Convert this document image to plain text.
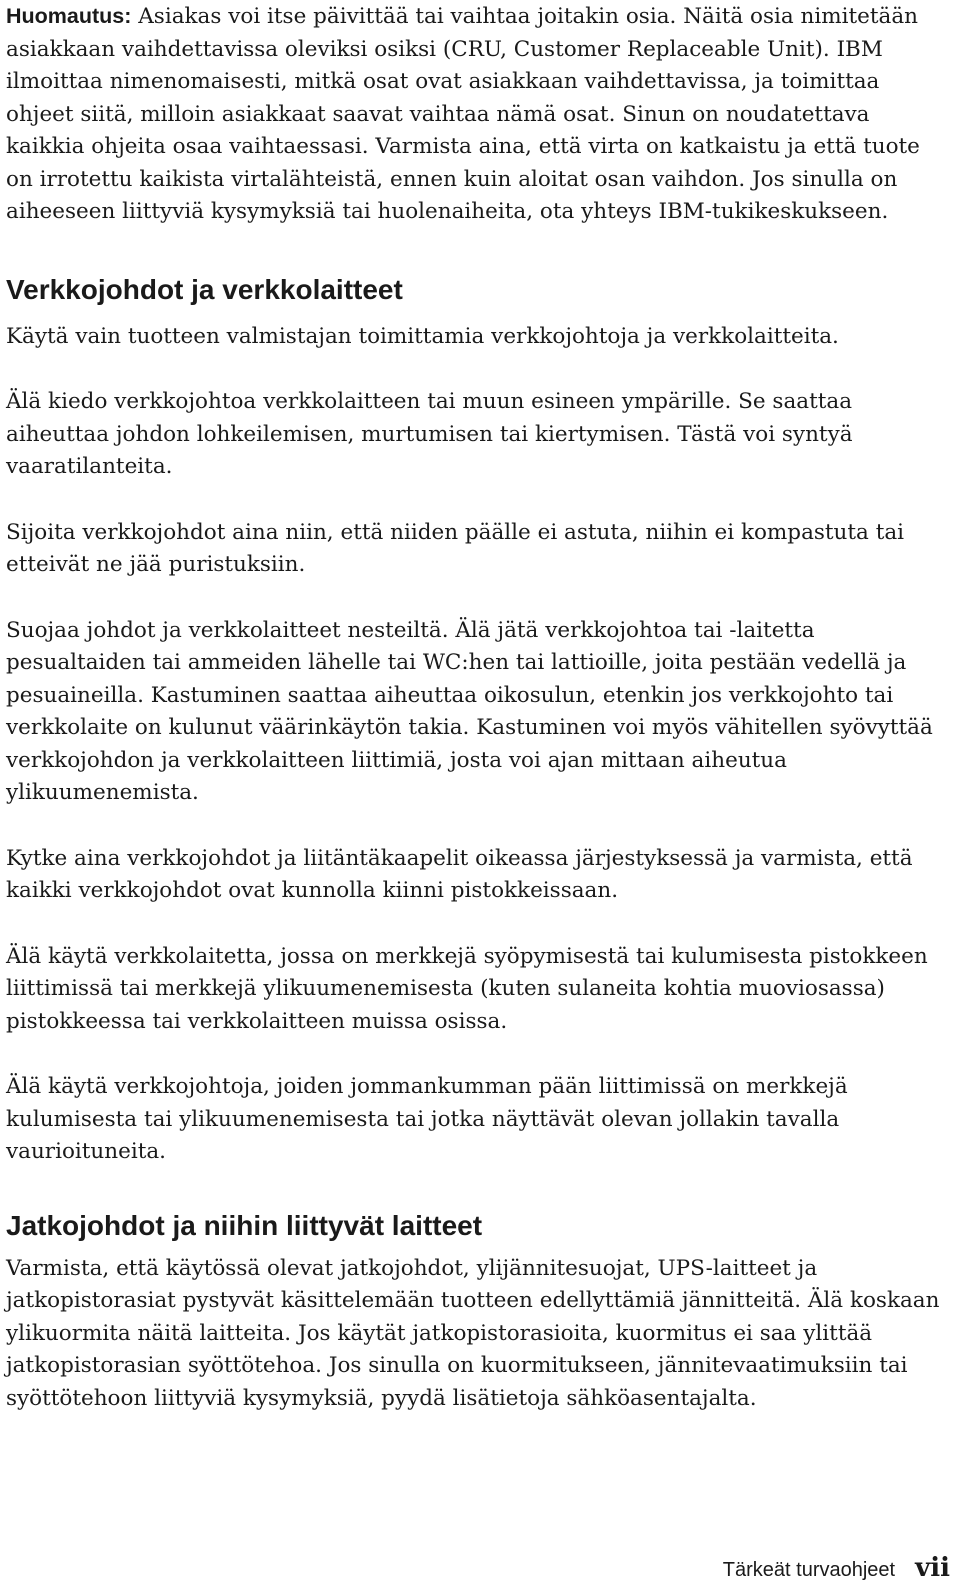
Huomautus: Asiakas voi itse päivittää tai vaihtaa joitakin osia. Näitä osia nimitetään asiakkaan vaihdettavissa oleviksi osiksi (CRU, Customer Replaceable Unit). IBM ilmoittaa nimenomaisesti, mitkä osat ovat asiakkaan vaihdettavissa, ja toimittaa ohjeet siitä, milloin asiakkaat saavat vaihtaa nämä osat. Sinun on noudatettava kaikkia ohjeita osaa vaihtaessasi. Varmista aina, että virta on katkaistu ja että tuote on irrotettu kaikista virtalähteistä, ennen kuin aloitat osan vaihdon. Jos sinulla on aiheeseen liittyviä kysymyksiä tai huolenaiheita, ota yhteys IBM-tukikeskukseen.

Verkkojohdot ja verkkolaitteet

Käytä vain tuotteen valmistajan toimittamia verkkojohtoja ja verkkolaitteita.

Älä kiedo verkkojohtoa verkkolaitteen tai muun esineen ympärille. Se saattaa aiheuttaa johdon lohkeilemisen, murtumisen tai kiertymisen. Tästä voi syntyä vaaratilanteita.

Sijoita verkkojohdot aina niin, että niiden päälle ei astuta, niihin ei kompastuta tai etteivät ne jää puristuksiin.

Suojaa johdot ja verkkolaitteet nesteiltä. Älä jätä verkkojohtoa tai -laitetta pesualtaiden tai ammeiden lähelle tai WC:hen tai lattioille, joita pestään vedellä ja pesuaineilla. Kastuminen saattaa aiheuttaa oikosulun, etenkin jos verkkojohto tai verkkolaite on kulunut väärinkäytön takia. Kastuminen voi myös vähitellen syövyttää verkkojohdon ja verkkolaitteen liittimiä, josta voi ajan mittaan aiheutua ylikuumenemista.

Kytke aina verkkojohdot ja liitäntäkaapelit oikeassa järjestyksessä ja varmista, että kaikki verkkojohdot ovat kunnolla kiinni pistokkeissaan.

Älä käytä verkkolaitetta, jossa on merkkejä syöpymisestä tai kulumisesta pistokkeen liittimissä tai merkkejä ylikuumenemisesta (kuten sulaneita kohtia muoviosassa) pistokkeessa tai verkkolaitteen muissa osissa.

Älä käytä verkkojohtoja, joiden jommankumman pään liittimissä on merkkejä kulumisesta tai ylikuumenemisesta tai jotka näyttävät olevan jollakin tavalla vaurioituneita.

Jatkojohdot ja niihin liittyvät laitteet

Varmista, että käytössä olevat jatkojohdot, ylijännitesuojat, UPS-laitteet ja jatkopistorasiat pystyvät käsittelemään tuotteen edellyttämiä jännitteitä. Älä koskaan ylikuormita näitä laitteita. Jos käytät jatkopistorasioita, kuormitus ei saa ylittää jatkopistorasian syöttötehoa. Jos sinulla on kuormitukseen, jännitevaatimuksiin tai syöttötehoon liittyviä kysymyksiä, pyydä lisätietoja sähköasentajalta.

Tärkeät turvaohjeet vii
